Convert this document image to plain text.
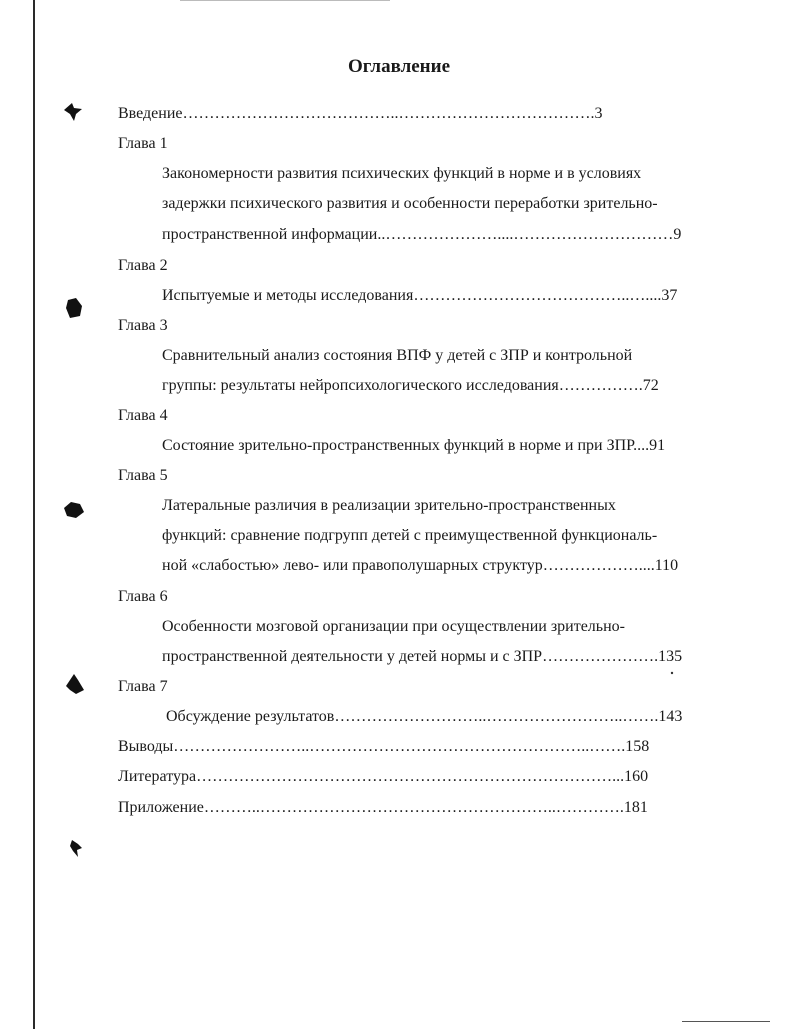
Оглавление
Введение…………………………………..……………………………….3
Глава 1
Закономерности развития психических функций в норме и в условиях
задержки психического развития и особенности переработки зрительно-
пространственной информации..…………………....…………………………9
Глава 2
Испытуемые и методы исследования…………………………………..…....37
Глава 3
Сравнительный анализ состояния ВПФ у детей с ЗПР и контрольной
группы: результаты нейропсихологического исследования…………….72
Глава 4
Состояние зрительно-пространственных функций в норме и при ЗПР....91
Глава 5
Латеральные различия в реализации зрительно-пространственных
функций: сравнение подгрупп детей с преимущественной функциональ-
ной «слабостью» лево- или правополушарных структур………………....110
Глава 6
Особенности мозговой организации при осуществлении зрительно-
пространственной деятельности у детей нормы и с ЗПР………………….135
Глава 7
Обсуждение результатов………………………..……………………..…….143
Выводы……………………..……………………………………………..…….158
Литература……………………………………………………………………...160
Приложение………..………………………………………………..………….181
